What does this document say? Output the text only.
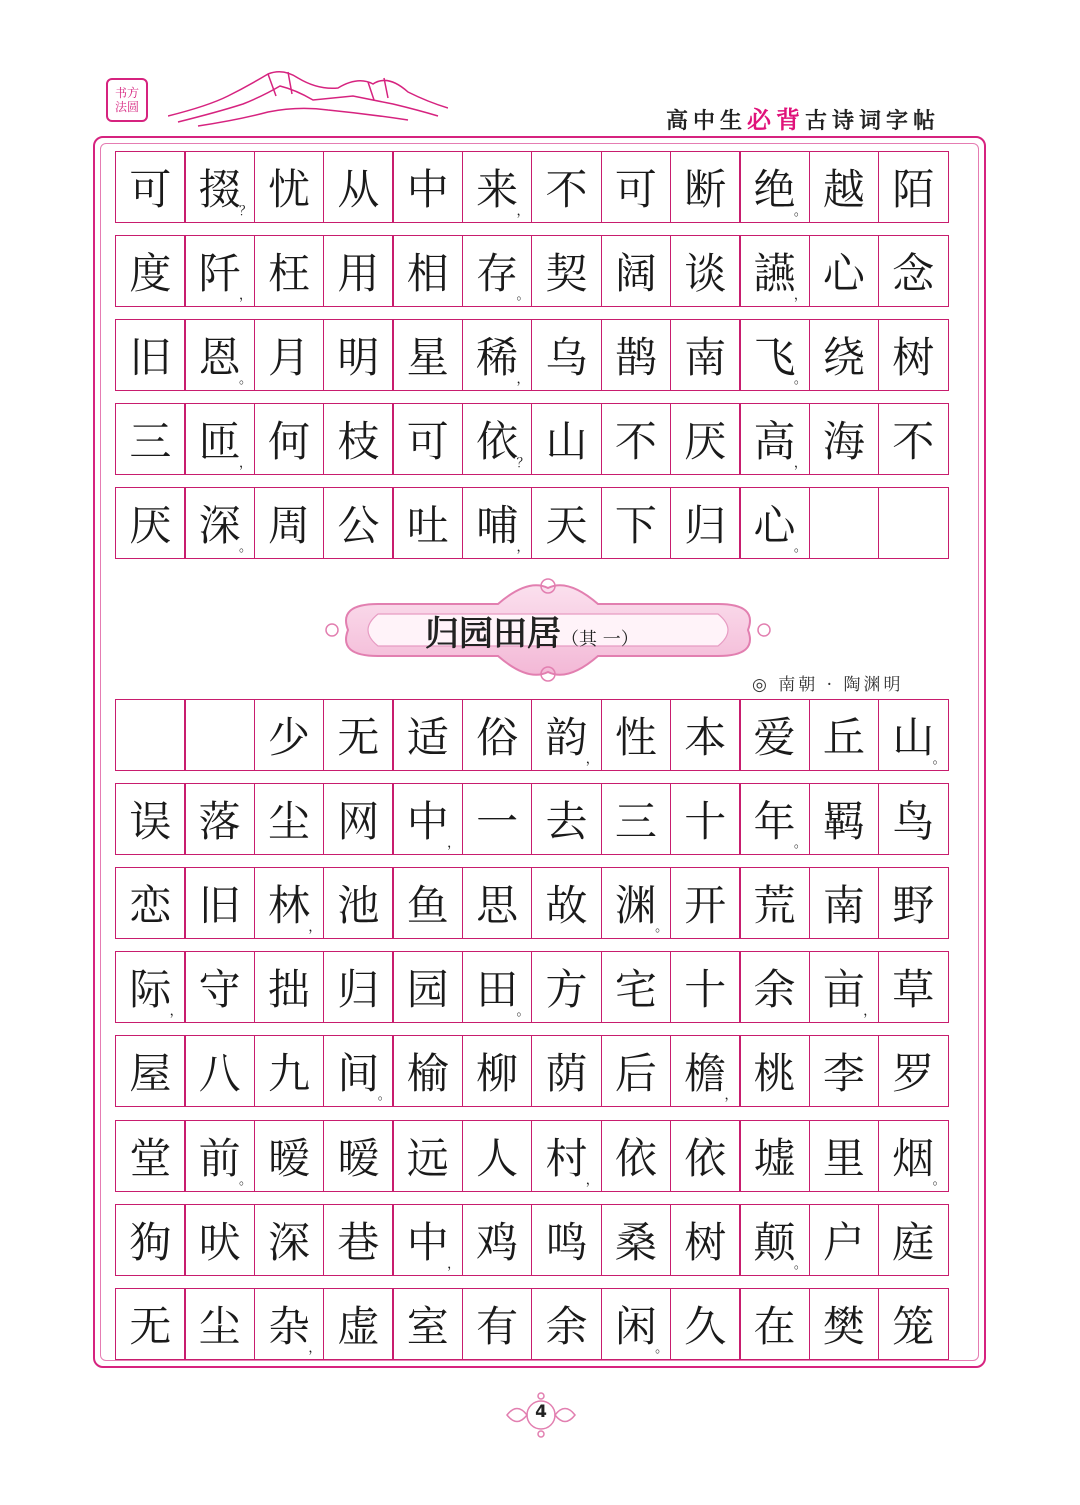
书方
法圆
高中生必背古诗词字帖
可 掇
？ 忧 从 中 来
， 不 可 断 绝
。 越 陌
度 阡
， 枉 用 相 存
。 契 阔 谈 讌
， 心 念
旧 恩
。 月 明 星 稀
， 乌 鹊 南 飞
。 绕 树
三 匝
， 何 枝 可 依
？ 山 不 厌 高
， 海 不
厌 深
。 周 公 吐 哺
， 天 下 归 心
。
归园田居（其 一）
◎ 南朝 · 陶渊明
少 无 适 俗 韵
， 性 本 爱 丘 山
。
误 落 尘 网 中
， 一 去 三 十 年
。 羁 鸟
恋 旧 林
， 池 鱼 思 故 渊
。 开 荒 南 野
际
， 守 拙 归 园 田
。 方 宅 十 余 亩
， 草
屋 八 九 间
。 榆 柳 荫 后 檐
， 桃 李 罗
堂 前
。 暧 暧 远 人 村
， 依 依 墟 里 烟
。
狗 吠 深 巷 中
， 鸡 鸣 桑 树 颠
。 户 庭
无 尘 杂
， 虚 室 有 余 闲
。 久 在 樊 笼
4
